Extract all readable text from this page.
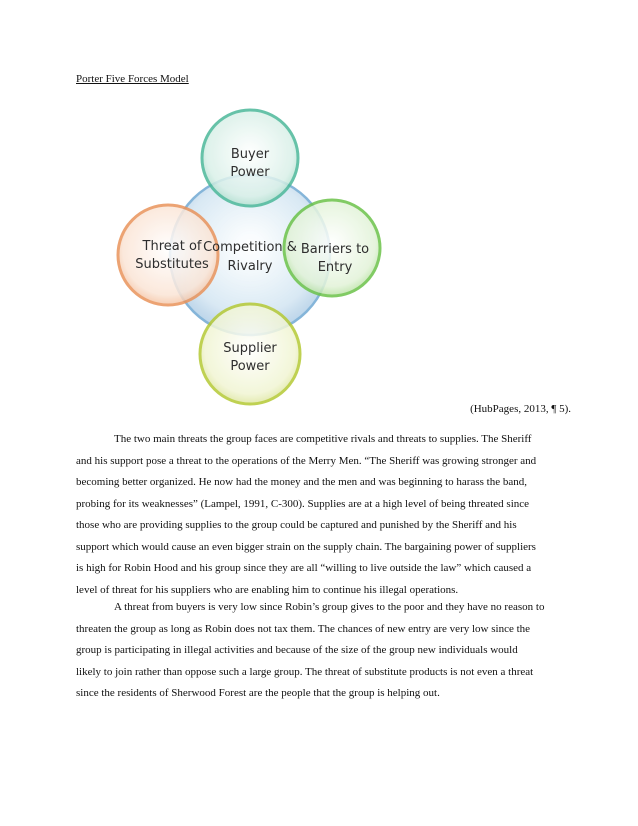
Porter Five Forces Model
Competition &
Rivalry
Buyer
Power
Threat of
Substitutes
Barriers to
Entry
Supplier
Power
(HubPages, 2013, ¶ 5).

The two main threats the group faces are competitive rivals and threats to supplies. The Sheriff
and his support pose a threat to the operations of the Merry Men. “The Sheriff was growing stronger and
becoming better organized. He now had the money and the men and was beginning to harass the band,
probing for its weaknesses” (Lampel, 1991, C-300). Supplies are at a high level of being threated since
those who are providing supplies to the group could be captured and punished by the Sheriff and his
support which would cause an even bigger strain on the supply chain. The bargaining power of suppliers
is high for Robin Hood and his group since they are all “willing to live outside the law” which caused a
level of threat for his suppliers who are enabling him to continue his illegal operations.

A threat from buyers is very low since Robin’s group gives to the poor and they have no reason to
threaten the group as long as Robin does not tax them. The chances of new entry are very low since the
group is participating in illegal activities and because of the size of the group new individuals would
likely to join rather than oppose such a large group. The threat of substitute products is not even a threat
since the residents of Sherwood Forest are the people that the group is helping out.
